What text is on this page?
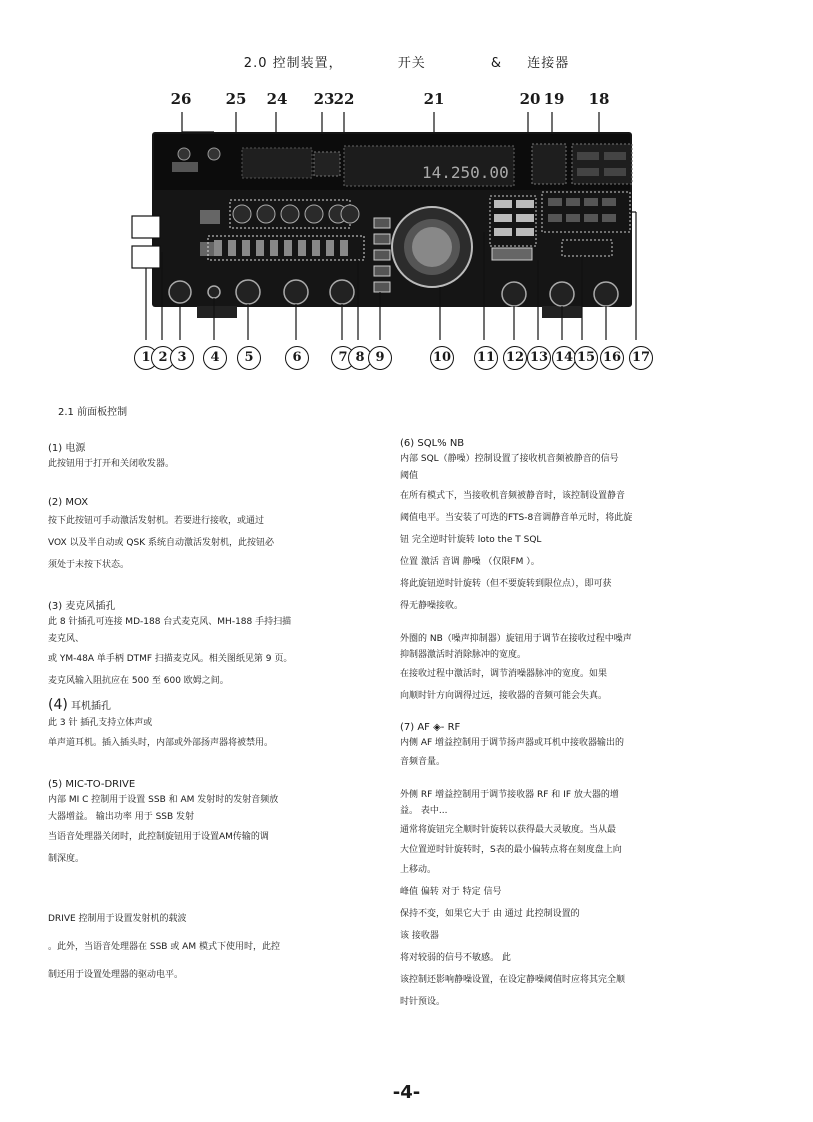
2.0 控制装置，	开关	& 连接器
26 25 24 23 22	21	20 19 18
14.250.00
1 2 3	4	5	6	7 8 9	10 11 12 13 14 15 16 17
2.1 前面板控制

(1) 电源

此按钮用于打开和关闭收发器。

(2) MOX

按下此按钮可手动激活发射机。若要进行接收，或通过

VOX 以及半自动或 QSK 系统自动激活发射机，此按钮必

须处于未按下状态。

(3) 麦克风插孔

此 8 针插孔可连接 MD-188 台式麦克风、MH-188 手持扫描

麦克风、

或 YM-48A 单手柄 DTMF 扫描麦克风。相关图纸见第 9 页。

麦克风输入阻抗应在 500 至 600 欧姆之间。

(4) 耳机插孔

此 3 针 插孔支持立体声或

单声道耳机。插入插头时，内部或外部扬声器将被禁用。

(5) MIC-TO-DRIVE

内部 MI C 控制用于设置 SSB 和 AM 发射时的发射音频放

大器增益。 输出功率 用于 SSB 发射

当语音处理器关闭时，此控制旋钮用于设置AM传输的调

制深度。

DRIVE 控制用于设置发射机的载波

。此外，当语音处理器在 SSB 或 AM 模式下使用时，此控

制还用于设置处理器的驱动电平。

(6) SQL% NB

内部 SQL（静噪）控制设置了接收机音频被静音的信号

阈值

在所有模式下，当接收机音频被静音时，该控制设置静音

阈值电平。当安装了可选的FTS-8音调静音单元时，将此旋

钮 完全逆时针旋转 loto the T SQL

位置 激活 音调 静噪 （仅限FM ）。

将此旋钮逆时针旋转（但不要旋转到限位点），即可获

得无静噪接收。

外圈的 NB（噪声抑制器）旋钮用于调节在接收过程中噪声

抑制器激活时消除脉冲的宽度。

在接收过程中激活时，调节消噪器脉冲的宽度。如果

向顺时针方向调得过远，接收器的音频可能会失真。

(7) AF ◈- RF

内侧 AF 增益控制用于调节扬声器或耳机中接收器输出的

音频音量。

外侧 RF 增益控制用于调节接收器 RF 和 IF 放大器的增

益。 表中...

通常将旋钮完全顺时针旋转以获得最大灵敏度。当从最

大位置逆时针旋转时，S表的最小偏转点将在刻度盘上向

上移动。

峰值 偏转 对于 特定 信号

保持不变，如果它大于 由 通过 此控制设置的

该 接收器

将对较弱的信号不敏感。 此

该控制还影响静噪设置，在设定静噪阈值时应将其完全顺

时针预设。

-4-
